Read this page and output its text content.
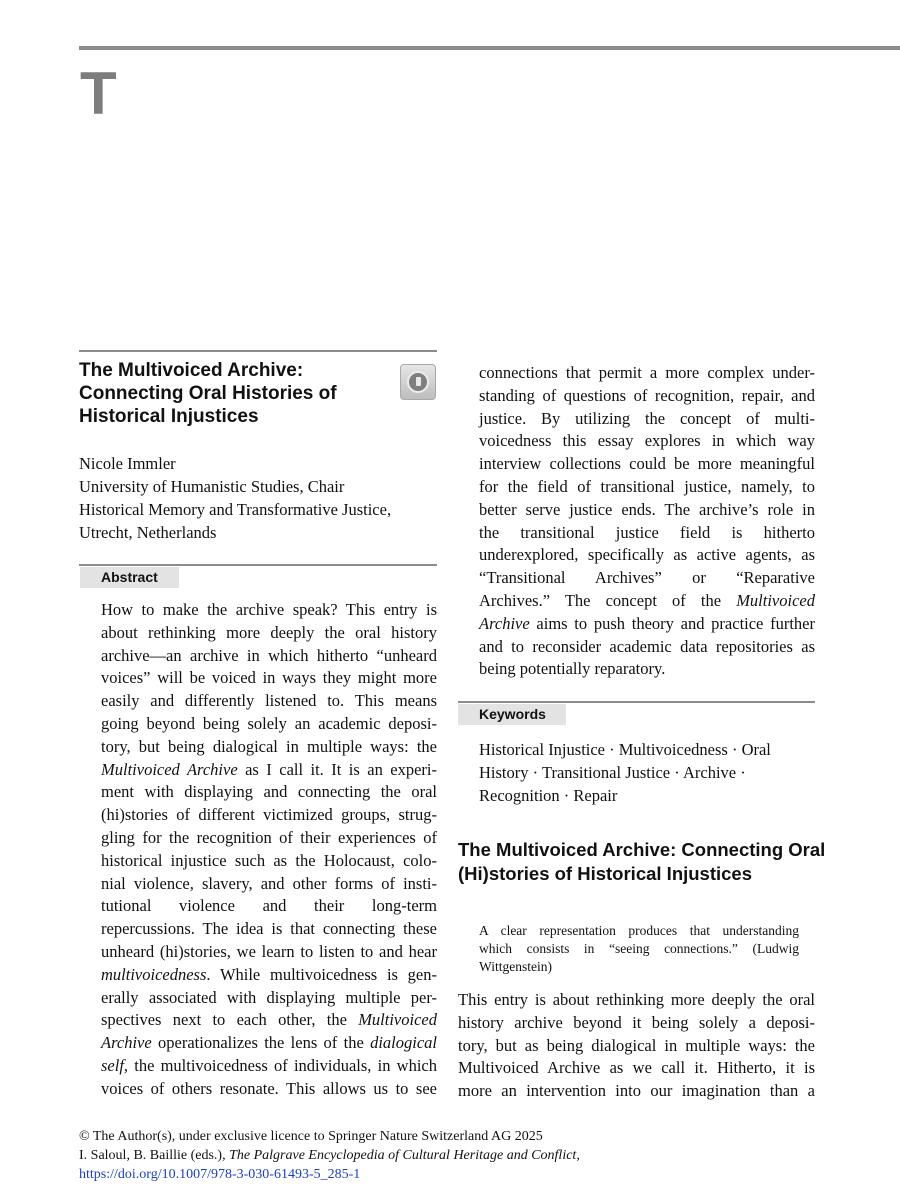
T
The Multivoiced Archive: Connecting Oral Histories of Historical Injustices
Nicole Immler
University of Humanistic Studies, Chair
Historical Memory and Transformative Justice,
Utrecht, Netherlands
Abstract
How to make the archive speak? This entry is
about rethinking more deeply the oral history
archive—an archive in which hitherto “unheard
voices” will be voiced in ways they might more
easily and differently listened to. This means
going beyond being solely an academic deposi-
tory, but being dialogical in multiple ways: the
Multivoiced Archive as I call it. It is an experi-
ment with displaying and connecting the oral
(hi)stories of different victimized groups, strug-
gling for the recognition of their experiences of
historical injustice such as the Holocaust, colo-
nial violence, slavery, and other forms of insti-
tutional violence and their long-term
repercussions. The idea is that connecting these
unheard (hi)stories, we learn to listen to and hear
multivoicedness. While multivoicedness is gen-
erally associated with displaying multiple per-
spectives next to each other, the Multivoiced
Archive operationalizes the lens of the dialogical
self, the multivoicedness of individuals, in which
voices of others resonate. This allows us to see
connections that permit a more complex under-
standing of questions of recognition, repair, and
justice. By utilizing the concept of multi-
voicedness this essay explores in which way
interview collections could be more meaningful
for the field of transitional justice, namely, to
better serve justice ends. The archive’s role in
the transitional justice field is hitherto
underexplored, specifically as active agents, as
“Transitional Archives” or “Reparative
Archives.” The concept of the Multivoiced
Archive aims to push theory and practice further
and to reconsider academic data repositories as
being potentially reparatory.
Keywords
Historical Injustice · Multivoicedness · Oral History · Transitional Justice · Archive · Recognition · Repair
The Multivoiced Archive: Connecting Oral (Hi)stories of Historical Injustices
A clear representation produces that understanding
which consists in “seeing connections.” (Ludwig
Wittgenstein)
This entry is about rethinking more deeply the oral
history archive beyond it being solely a deposi-
tory, but as being dialogical in multiple ways: the
Multivoiced Archive as we call it. Hitherto, it is
more an intervention into our imagination than a
© The Author(s), under exclusive licence to Springer Nature Switzerland AG 2025
I. Saloul, B. Baillie (eds.), The Palgrave Encyclopedia of Cultural Heritage and Conflict,
https://doi.org/10.1007/978-3-030-61493-5_285-1
